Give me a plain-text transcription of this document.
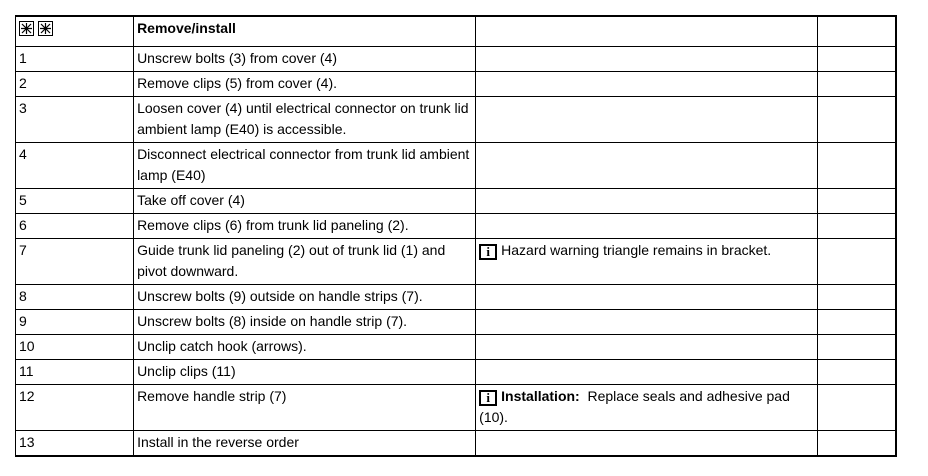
	Remove/install		
1	Unscrew bolts (3) from cover (4)		
2	Remove clips (5) from cover (4).		
3	Loosen cover (4) until electrical connector on trunk lid ambient lamp (E40) is accessible.		
4	Disconnect electrical connector from trunk lid ambient lamp (E40)		
5	Take off cover (4)		
6	Remove clips (6) from trunk lid paneling (2).		
7	Guide trunk lid paneling (2) out of trunk lid (1) and pivot downward.	i Hazard warning triangle remains in bracket.	
8	Unscrew bolts (9) outside on handle strips (7).		
9	Unscrew bolts (8) inside on handle strip (7).		
10	Unclip catch hook (arrows).		
11	Unclip clips (11)		
12	Remove handle strip (7)	i Installation: Replace seals and adhesive pad (10).	
13	Install in the reverse order		
